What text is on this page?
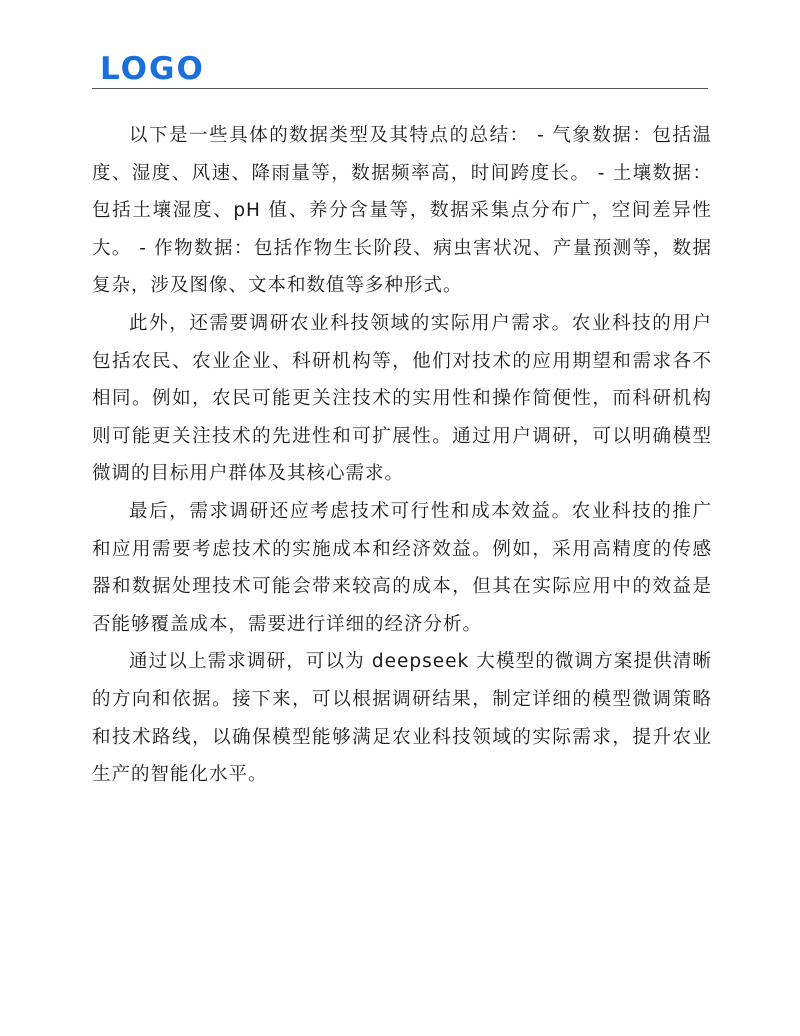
LOGO

以下是一些具体的数据类型及其特点的总结： - 气象数据：包括温度、湿度、风速、降雨量等，数据频率高，时间跨度长。 - 土壤数据：包括土壤湿度、pH 值、养分含量等，数据采集点分布广，空间差异性大。 - 作物数据：包括作物生长阶段、病虫害状况、产量预测等，数据复杂，涉及图像、文本和数值等多种形式。

此外，还需要调研农业科技领域的实际用户需求。农业科技的用户包括农民、农业企业、科研机构等，他们对技术的应用期望和需求各不相同。例如，农民可能更关注技术的实用性和操作简便性，而科研机构则可能更关注技术的先进性和可扩展性。通过用户调研，可以明确模型微调的目标用户群体及其核心需求。

最后，需求调研还应考虑技术可行性和成本效益。农业科技的推广和应用需要考虑技术的实施成本和经济效益。例如，采用高精度的传感器和数据处理技术可能会带来较高的成本，但其在实际应用中的效益是否能够覆盖成本，需要进行详细的经济分析。

通过以上需求调研，可以为 deepseek 大模型的微调方案提供清晰的方向和依据。接下来，可以根据调研结果，制定详细的模型微调策略和技术路线，以确保模型能够满足农业科技领域的实际需求，提升农业生产的智能化水平。
